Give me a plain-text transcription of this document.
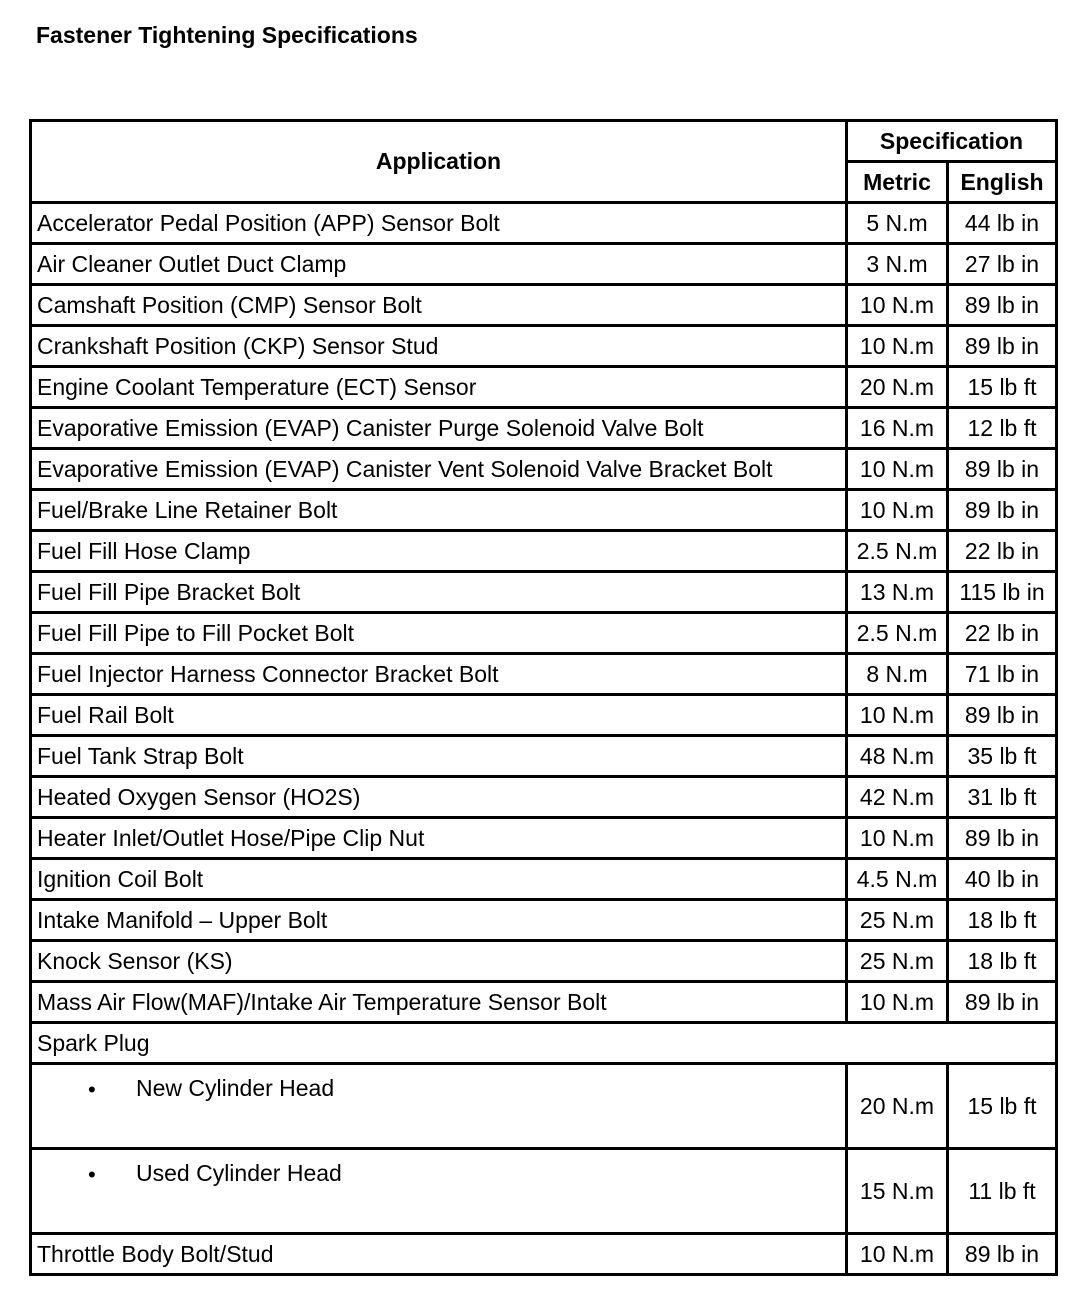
Fastener Tightening Specifications
Application	Specification	
	Metric	English
Accelerator Pedal Position (APP) Sensor Bolt	5 N.m	44 lb in
Air Cleaner Outlet Duct Clamp	3 N.m	27 lb in
Camshaft Position (CMP) Sensor Bolt	10 N.m	89 lb in
Crankshaft Position (CKP) Sensor Stud	10 N.m	89 lb in
Engine Coolant Temperature (ECT) Sensor	20 N.m	15 lb ft
Evaporative Emission (EVAP) Canister Purge Solenoid Valve Bolt	16 N.m	12 lb ft
Evaporative Emission (EVAP) Canister Vent Solenoid Valve Bracket Bolt	10 N.m	89 lb in
Fuel/Brake Line Retainer Bolt	10 N.m	89 lb in
Fuel Fill Hose Clamp	2.5 N.m	22 lb in
Fuel Fill Pipe Bracket Bolt	13 N.m	115 lb in
Fuel Fill Pipe to Fill Pocket Bolt	2.5 N.m	22 lb in
Fuel Injector Harness Connector Bracket Bolt	8 N.m	71 lb in
Fuel Rail Bolt	10 N.m	89 lb in
Fuel Tank Strap Bolt	48 N.m	35 lb ft
Heated Oxygen Sensor (HO2S)	42 N.m	31 lb ft
Heater Inlet/Outlet Hose/Pipe Clip Nut	10 N.m	89 lb in
Ignition Coil Bolt	4.5 N.m	40 lb in
Intake Manifold – Upper Bolt	25 N.m	18 lb ft
Knock Sensor (KS)	25 N.m	18 lb ft
Mass Air Flow(MAF)/Intake Air Temperature Sensor Bolt	10 N.m	89 lb in
Spark Plug		

• New Cylinder Head	20 N.m	15 lb ft

• Used Cylinder Head	15 N.m	11 lb ft
Throttle Body Bolt/Stud	10 N.m	89 lb in
